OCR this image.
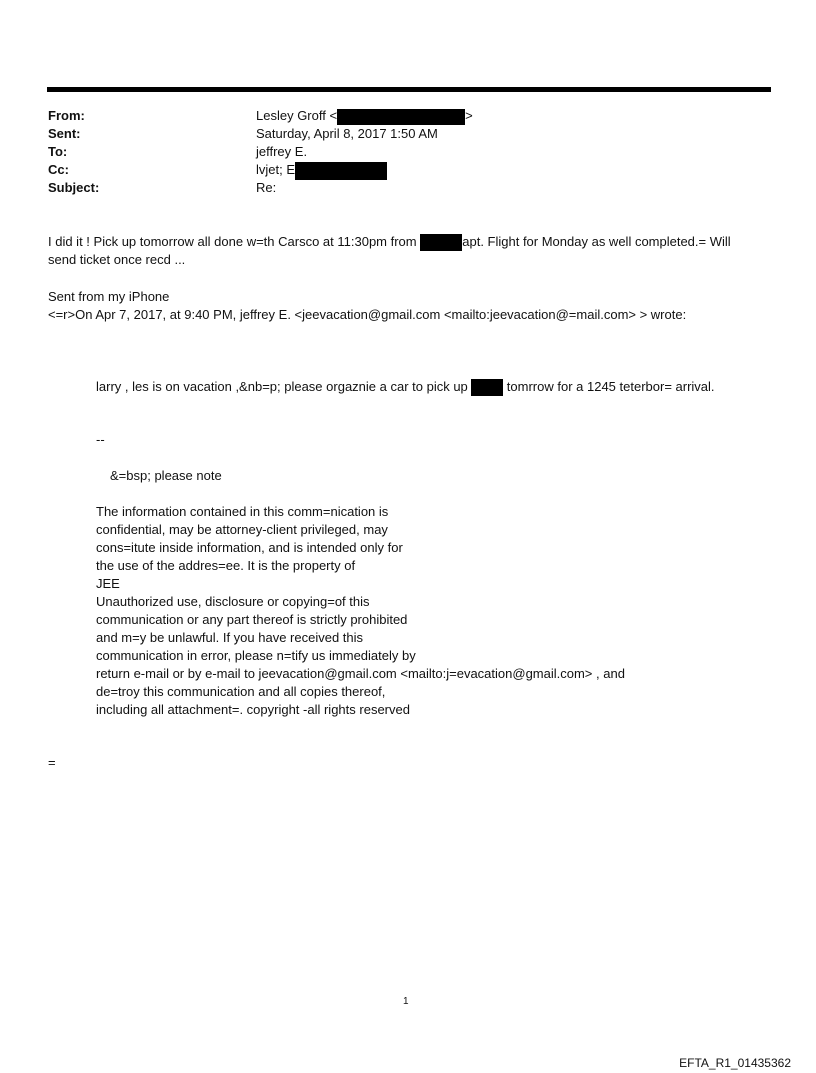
From:	Lesley Groff <	>
Sent:	Saturday, April 8, 2017 1:50 AM
To:	jeffrey E.
Cc:	lvjet; E
Subject:	Re:
I did it ! Pick up tomorrow all done w=th Carsco at 11:30pm from	apt. Flight for Monday as well completed.= Will
send ticket once recd ...
Sent from my iPhone
<=r>On Apr 7, 2017, at 9:40 PM, jeffrey E. <jeevacation@gmail.com <mailto:jeevacation@=mail.com> > wrote:
larry , les is on vacation ,&nb=p; please orgaznie a car to pick up	tomrrow for a 1245 teterbor= arrival.
--
&=bsp; please note
The information contained in this comm=nication is
confidential, may be attorney-client privileged, may
cons=itute inside information, and is intended only for
the use of the addres=ee. It is the property of
JEE
Unauthorized use, disclosure or copying=of this
communication or any part thereof is strictly prohibited
and m=y be unlawful. If you have received this
communication in error, please n=tify us immediately by
return e-mail or by e-mail to jeevacation@gmail.com <mailto:j=evacation@gmail.com> , and
de=troy this communication and all copies thereof,
including all attachment=. copyright -all rights reserved
=
1
EFTA_R1_01435362
